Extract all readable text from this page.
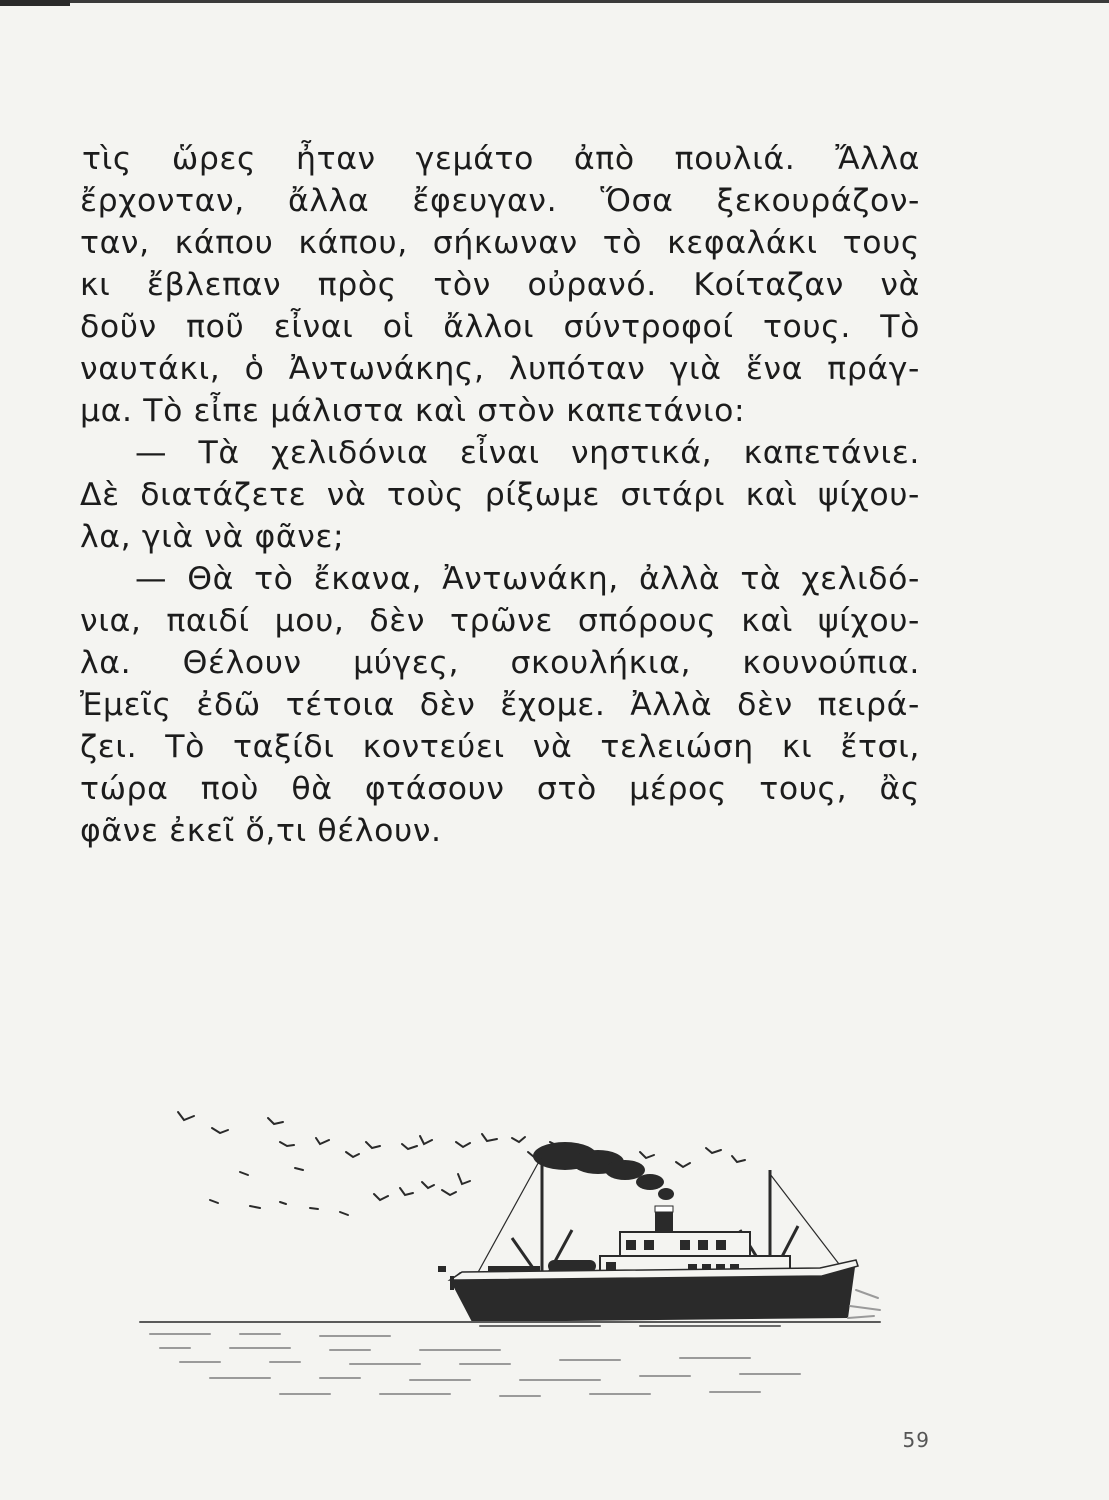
τὶς ὥρες ἦταν γεμάτο ἀπὸ πουλιά. Ἄλλα
ἔρχονταν, ἄλλα ἔφευγαν. Ὅσα ξεκουράζον-
ταν, κάπου κάπου, σήκωναν τὸ κεφαλάκι τους
κι ἔβλεπαν πρὸς τὸν οὐρανό. Κοίταζαν νὰ
δοῦν ποῦ εἶναι οἱ ἄλλοι σύντροφοί τους. Τὸ
ναυτάκι, ὁ Ἀντωνάκης, λυπόταν γιὰ ἕνα πράγ-
μα. Τὸ εἶπε μάλιστα καὶ στὸν καπετάνιο:
— Τὰ χελιδόνια εἶναι νηστικά, καπετάνιε.
Δὲ διατάζετε νὰ τοὺς ρίξωμε σιτάρι καὶ ψίχου-
λα, γιὰ νὰ φᾶνε;
— Θὰ τὸ ἔκανα, Ἀντωνάκη, ἀλλὰ τὰ χελιδό-
νια, παιδί μου, δὲν τρῶνε σπόρους καὶ ψίχου-
λα. Θέλουν μύγες, σκουλήκια, κουνούπια.
Ἐμεῖς ἐδῶ τέτοια δὲν ἔχομε. Ἀλλὰ δὲν πειρά-
ζει. Τὸ ταξίδι κοντεύει νὰ τελειώση κι ἔτσι,
τώρα ποὺ θὰ φτάσουν στὸ μέρος τους, ἂς
φᾶνε ἐκεῖ ὅ,τι θέλουν.
59
